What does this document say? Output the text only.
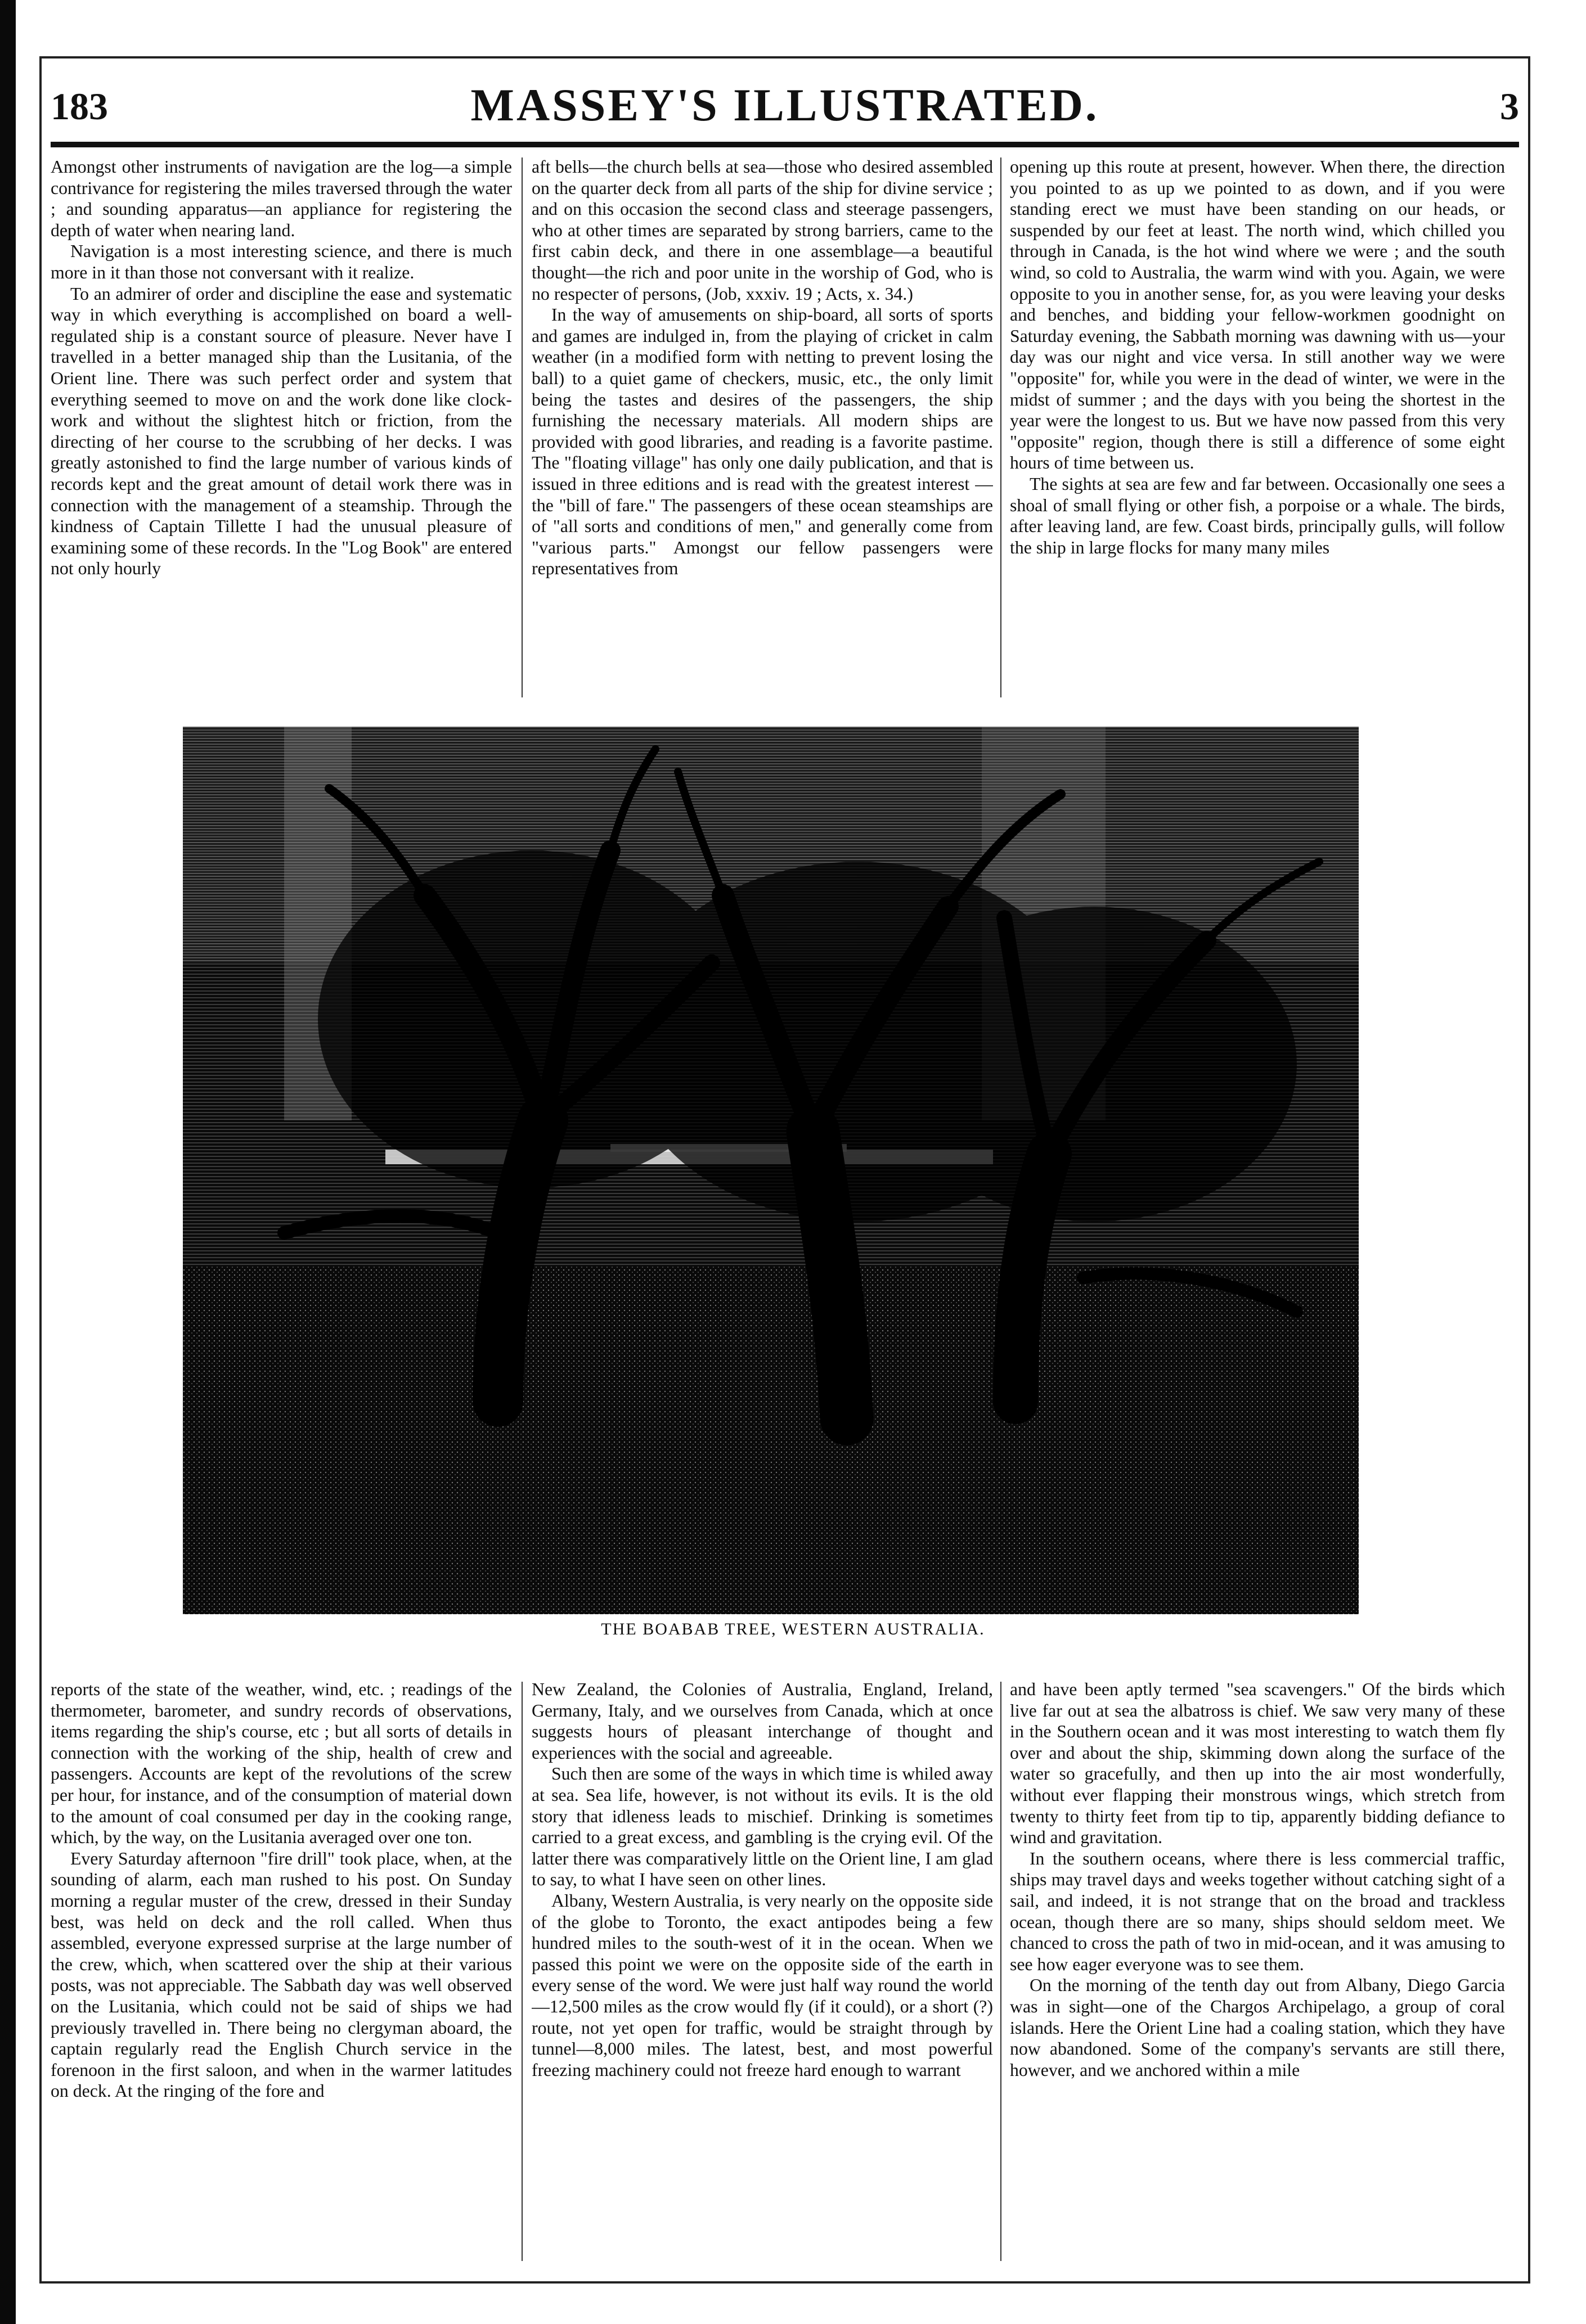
183	MASSEY'S ILLUSTRATED.	3

Amongst other instruments of navigation are the log—a simple contrivance for registering the miles traversed through the water ; and sounding apparatus—an appliance for registering the depth of water when nearing land.

Navigation is a most interesting science, and there is much more in it than those not conversant with it realize.

To an admirer of order and discipline the ease and systematic way in which everything is accomplished on board a well-regulated ship is a constant source of pleasure. Never have I travelled in a better managed ship than the Lusitania, of the Orient line. There was such perfect order and system that everything seemed to move on and the work done like clock-work and without the slightest hitch or friction, from the directing of her course to the scrubbing of her decks. I was greatly astonished to find the large number of various kinds of records kept and the great amount of detail work there was in connection with the management of a steamship. Through the kindness of Captain Tillette I had the unusual pleasure of examining some of these records. In the "Log Book" are entered not only hourly

aft bells—the church bells at sea—those who desired assembled on the quarter deck from all parts of the ship for divine service ; and on this occasion the second class and steerage passengers, who at other times are separated by strong barriers, came to the first cabin deck, and there in one assemblage—a beautiful thought—the rich and poor unite in the worship of God, who is no respecter of persons, (Job, xxxiv. 19 ; Acts, x. 34.)

In the way of amusements on ship-board, all sorts of sports and games are indulged in, from the playing of cricket in calm weather (in a modified form with netting to prevent losing the ball) to a quiet game of checkers, music, etc., the only limit being the tastes and desires of the passengers, the ship furnishing the necessary materials. All modern ships are provided with good libraries, and reading is a favorite pastime. The "floating village" has only one daily publication, and that is issued in three editions and is read with the greatest interest —the "bill of fare." The passengers of these ocean steamships are of "all sorts and conditions of men," and generally come from "various parts." Amongst our fellow passengers were representatives from

opening up this route at present, however. When there, the direction you pointed to as up we pointed to as down, and if you were standing erect we must have been standing on our heads, or suspended by our feet at least. The north wind, which chilled you through in Canada, is the hot wind where we were ; and the south wind, so cold to Australia, the warm wind with you. Again, we were opposite to you in another sense, for, as you were leaving your desks and benches, and bidding your fellow-workmen goodnight on Saturday evening, the Sabbath morning was dawning with us—your day was our night and vice versa. In still another way we were "opposite" for, while you were in the dead of winter, we were in the midst of summer ; and the days with you being the shortest in the year were the longest to us. But we have now passed from this very "opposite" region, though there is still a difference of some eight hours of time between us.

The sights at sea are few and far between. Occasionally one sees a shoal of small flying or other fish, a porpoise or a whale. The birds, after leaving land, are few. Coast birds, principally gulls, will follow the ship in large flocks for many many miles

THE BOABAB TREE, WESTERN AUSTRALIA.

reports of the state of the weather, wind, etc. ; readings of the thermometer, barometer, and sundry records of observations, items regarding the ship's course, etc ; but all sorts of details in connection with the working of the ship, health of crew and passengers. Accounts are kept of the revolutions of the screw per hour, for instance, and of the consumption of material down to the amount of coal consumed per day in the cooking range, which, by the way, on the Lusitania averaged over one ton.

Every Saturday afternoon "fire drill" took place, when, at the sounding of alarm, each man rushed to his post. On Sunday morning a regular muster of the crew, dressed in their Sunday best, was held on deck and the roll called. When thus assembled, everyone expressed surprise at the large number of the crew, which, when scattered over the ship at their various posts, was not appreciable. The Sabbath day was well observed on the Lusitania, which could not be said of ships we had previously travelled in. There being no clergyman aboard, the captain regularly read the English Church service in the forenoon in the first saloon, and when in the warmer latitudes on deck. At the ringing of the fore and

New Zealand, the Colonies of Australia, England, Ireland, Germany, Italy, and we ourselves from Canada, which at once suggests hours of pleasant interchange of thought and experiences with the social and agreeable.

Such then are some of the ways in which time is whiled away at sea. Sea life, however, is not without its evils. It is the old story that idleness leads to mischief. Drinking is sometimes carried to a great excess, and gambling is the crying evil. Of the latter there was comparatively little on the Orient line, I am glad to say, to what I have seen on other lines.

Albany, Western Australia, is very nearly on the opposite side of the globe to Toronto, the exact antipodes being a few hundred miles to the south-west of it in the ocean. When we passed this point we were on the opposite side of the earth in every sense of the word. We were just half way round the world—12,500 miles as the crow would fly (if it could), or a short (?) route, not yet open for traffic, would be straight through by tunnel—8,000 miles. The latest, best, and most powerful freezing machinery could not freeze hard enough to warrant

and have been aptly termed "sea scavengers." Of the birds which live far out at sea the albatross is chief. We saw very many of these in the Southern ocean and it was most interesting to watch them fly over and about the ship, skimming down along the surface of the water so gracefully, and then up into the air most wonderfully, without ever flapping their monstrous wings, which stretch from twenty to thirty feet from tip to tip, apparently bidding defiance to wind and gravitation.

In the southern oceans, where there is less commercial traffic, ships may travel days and weeks together without catching sight of a sail, and indeed, it is not strange that on the broad and trackless ocean, though there are so many, ships should seldom meet. We chanced to cross the path of two in mid-ocean, and it was amusing to see how eager everyone was to see them.

On the morning of the tenth day out from Albany, Diego Garcia was in sight—one of the Chargos Archipelago, a group of coral islands. Here the Orient Line had a coaling station, which they have now abandoned. Some of the company's servants are still there, however, and we anchored within a mile
